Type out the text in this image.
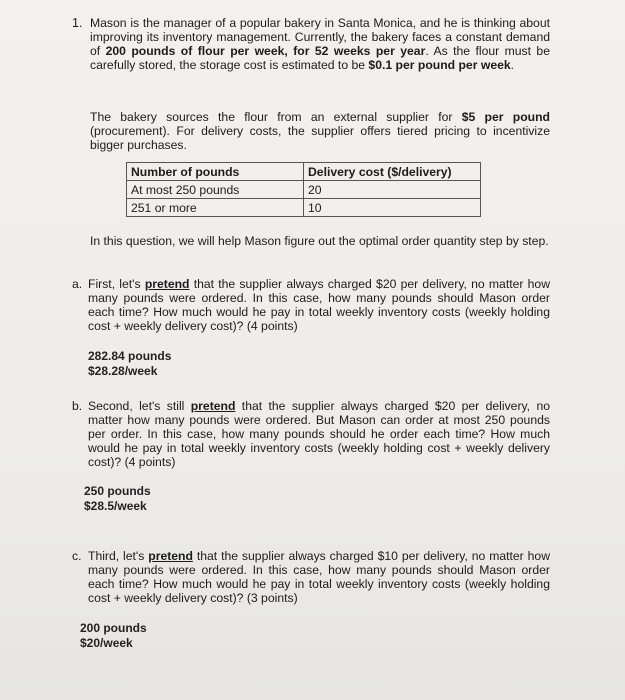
1. Mason is the manager of a popular bakery in Santa Monica, and he is thinking about improving its inventory management. Currently, the bakery faces a constant demand of 200 pounds of flour per week, for 52 weeks per year. As the flour must be carefully stored, the storage cost is estimated to be $0.1 per pound per week.

The bakery sources the flour from an external supplier for $5 per pound (procurement). For delivery costs, the supplier offers tiered pricing to incentivize bigger purchases.

Number of pounds	Delivery cost ($/delivery)
At most 250 pounds	20
251 or more	10

In this question, we will help Mason figure out the optimal order quantity step by step.

a. First, let's pretend that the supplier always charged $20 per delivery, no matter how many pounds were ordered. In this case, how many pounds should Mason order each time? How much would he pay in total weekly inventory costs (weekly holding cost + weekly delivery cost)? (4 points)

282.84 pounds
$28.28/week
b. Second, let's still pretend that the supplier always charged $20 per delivery, no matter how many pounds were ordered. But Mason can order at most 250 pounds per order. In this case, how many pounds should he order each time? How much would he pay in total weekly inventory costs (weekly holding cost + weekly delivery cost)? (4 points)

250 pounds
$28.5/week
c. Third, let's pretend that the supplier always charged $10 per delivery, no matter how many pounds were ordered. In this case, how many pounds should Mason order each time? How much would he pay in total weekly inventory costs (weekly holding cost + weekly delivery cost)? (3 points)

200 pounds
$20/week
